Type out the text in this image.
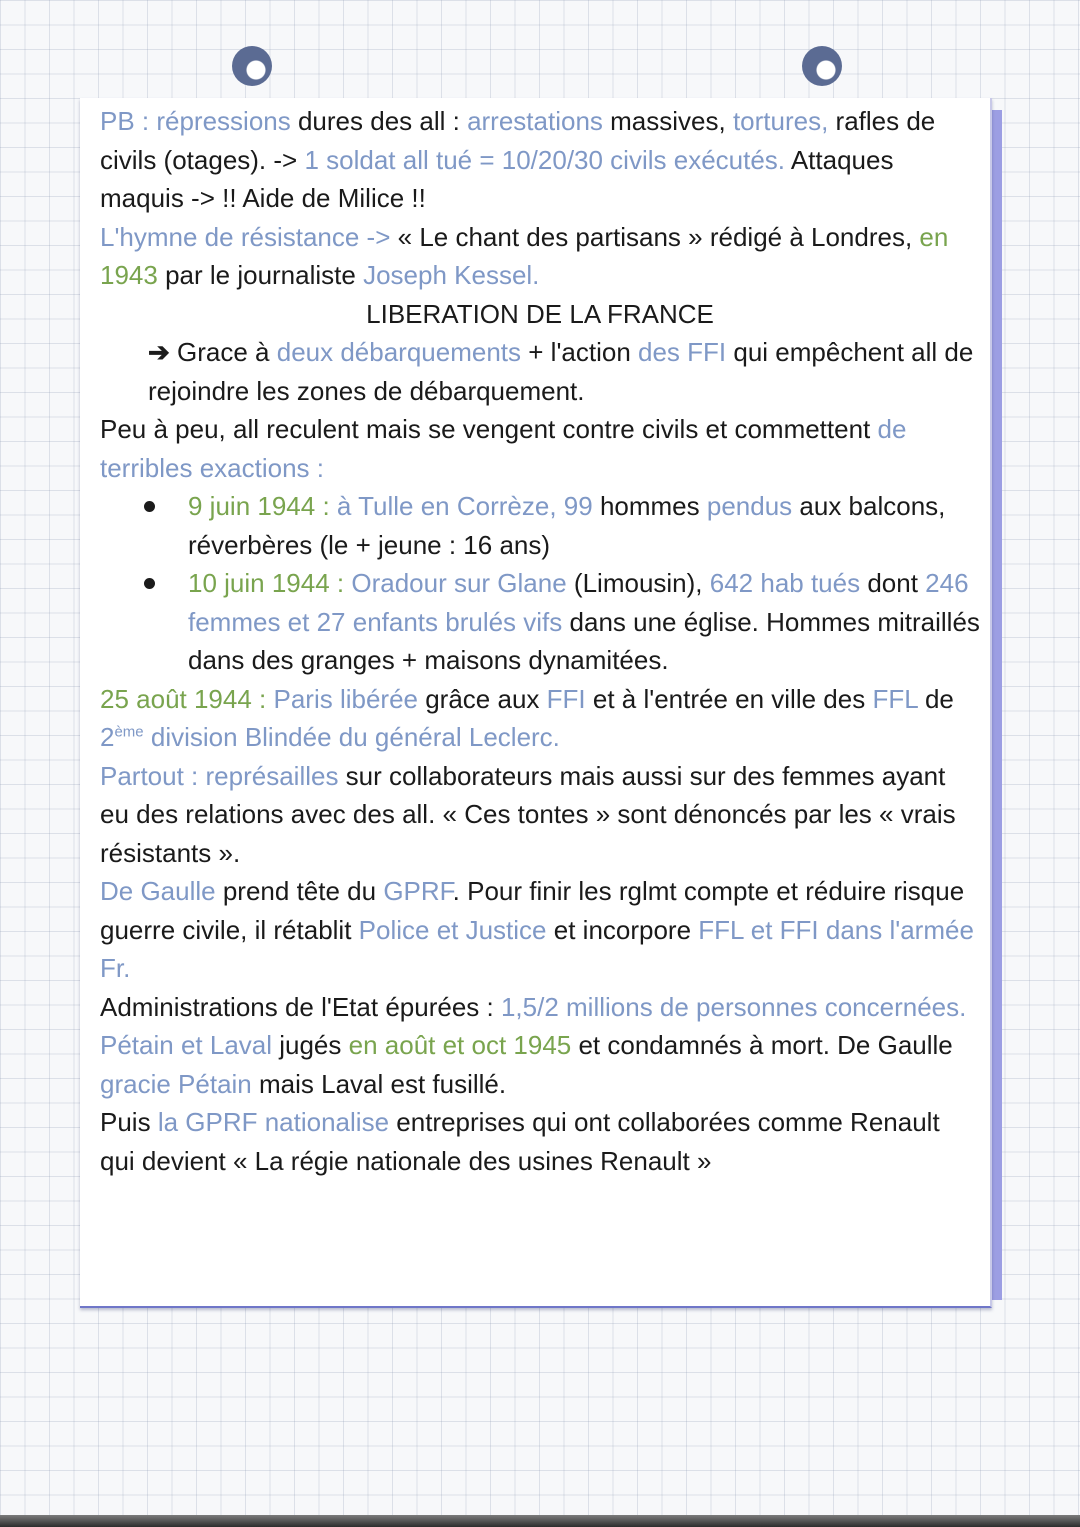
PB : répressions dures des all : arrestations massives, tortures, rafles de civils (otages). -> 1 soldat all tué = 10/20/30 civils exécutés. Attaques maquis -> !! Aide de Milice !!

L'hymne de résistance -> « Le chant des partisans » rédigé à Londres, en 1943 par le journaliste Joseph Kessel.

LIBERATION DE LA FRANCE

➔ Grace à deux débarquements + l'action des FFI qui empêchent all de rejoindre les zones de débarquement.

Peu à peu, all reculent mais se vengent contre civils et commettent de terribles exactions :

9 juin 1944 : à Tulle en Corrèze, 99 hommes pendus aux balcons, réverbères (le + jeune : 16 ans)
10 juin 1944 : Oradour sur Glane (Limousin), 642 hab tués dont 246 femmes et 27 enfants brulés vifs dans une église. Hommes mitraillés dans des granges + maisons dynamitées.

25 août 1944 : Paris libérée grâce aux FFI et à l'entrée en ville des FFL de 2ème division Blindée du général Leclerc.

Partout : représailles sur collaborateurs mais aussi sur des femmes ayant eu des relations avec des all. « Ces tontes » sont dénoncés par les « vrais résistants ».

De Gaulle prend tête du GPRF. Pour finir les rglmt compte et réduire risque guerre civile, il rétablit Police et Justice et incorpore FFL et FFI dans l'armée Fr.

Administrations de l'Etat épurées : 1,5/2 millions de personnes concernées.

Pétain et Laval jugés en août et oct 1945 et condamnés à mort. De Gaulle gracie Pétain mais Laval est fusillé.

Puis la GPRF nationalise entreprises qui ont collaborées comme Renault qui devient « La régie nationale des usines Renault »
